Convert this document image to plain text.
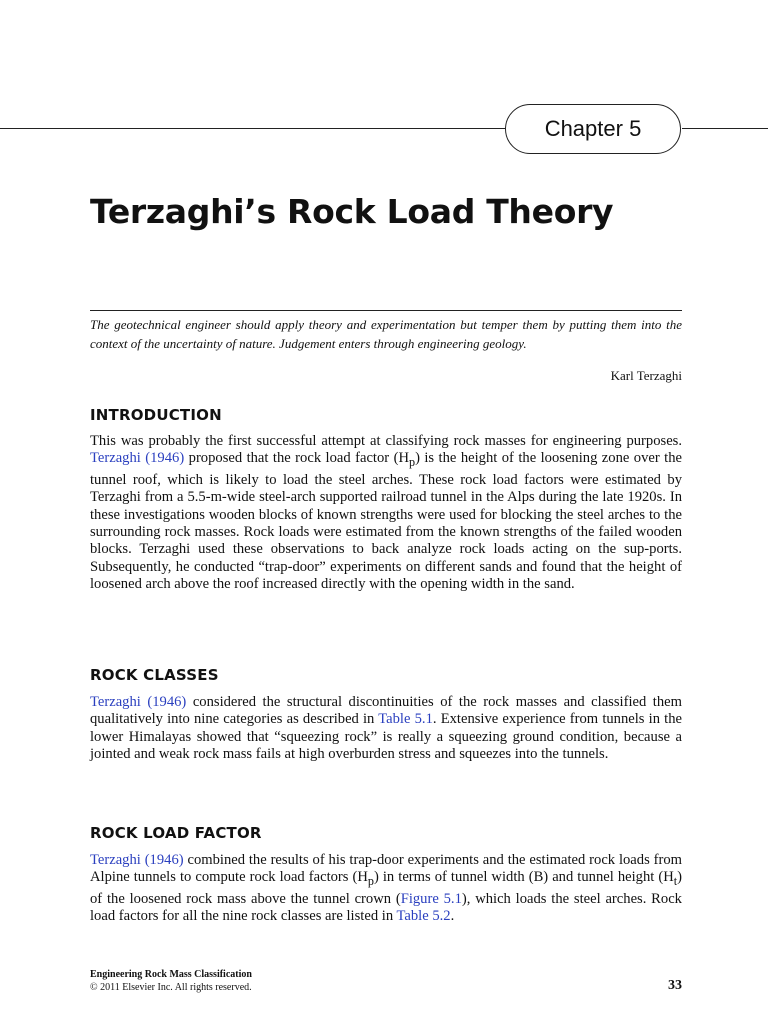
Chapter 5
Terzaghi’s Rock Load Theory

The geotechnical engineer should apply theory and experimentation but temper them by putting them into the context of the uncertainty of nature. Judgement enters through engineering geology.

Karl Terzaghi

INTRODUCTION

This was probably the first successful attempt at classifying rock masses for engineering purposes. Terzaghi (1946) proposed that the rock load factor $(H_p)$ is the height of the loosening zone over the tunnel roof, which is likely to load the steel arches. These rock load factors were estimated by Terzaghi from a 5.5-m-wide steel-arch supported railroad tunnel in the Alps during the late 1920s. In these investigations wooden blocks of known strengths were used for blocking the steel arches to the surrounding rock masses. Rock loads were estimated from the known strengths of the failed wooden blocks. Terzaghi used these observations to back analyze rock loads acting on the sup-ports. Subsequently, he conducted “trap-door” experiments on different sands and found that the height of loosened arch above the roof increased directly with the opening width in the sand.

ROCK CLASSES

Terzaghi (1946) considered the structural discontinuities of the rock masses and classified them qualitatively into nine categories as described in Table 5.1. Extensive experience from tunnels in the lower Himalayas showed that “squeezing rock” is really a squeezing ground condition, because a jointed and weak rock mass fails at high overburden stress and squeezes into the tunnels.

ROCK LOAD FACTOR

Terzaghi (1946) combined the results of his trap-door experiments and the estimated rock loads from Alpine tunnels to compute rock load factors $(H_p)$ in terms of tunnel width (B) and tunnel height $(H_t)$ of the loosened rock mass above the tunnel crown (Figure 5.1), which loads the steel arches. Rock load factors for all the nine rock classes are listed in Table 5.2.

Engineering Rock Mass Classification
© 2011 Elsevier Inc. All rights reserved.	33
